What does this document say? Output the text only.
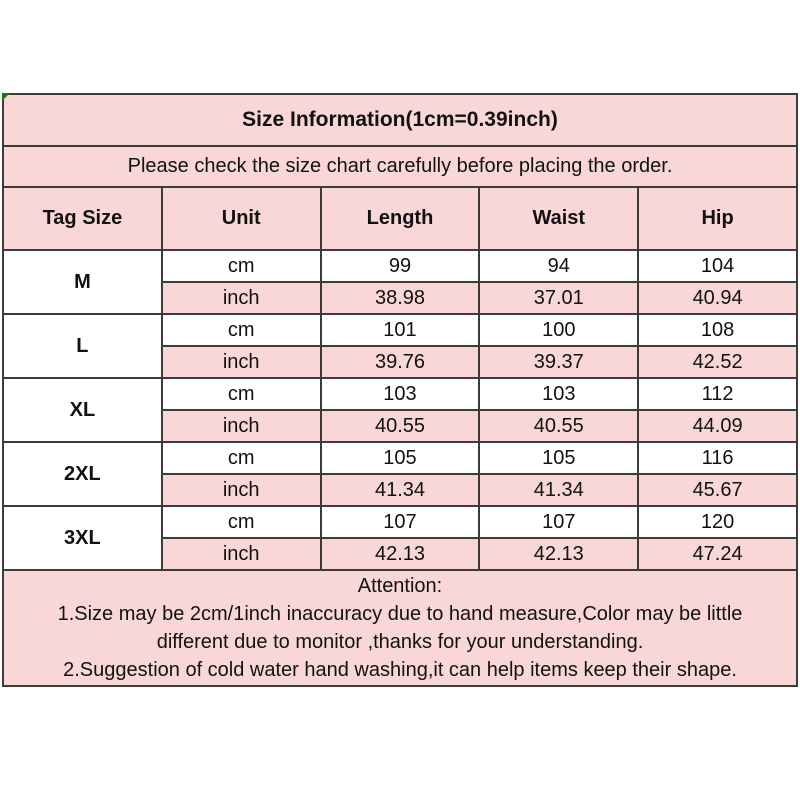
Size Information(1cm=0.39inch)				
Please check the size chart carefully before placing the order.				
Tag Size	Unit	Length	Waist	Hip
M	cm	99	94	104
	inch	38.98	37.01	40.94
L	cm	101	100	108
	inch	39.76	39.37	42.52
XL	cm	103	103	112
	inch	40.55	40.55	44.09
2XL	cm	105	105	116
	inch	41.34	41.34	45.67
3XL	cm	107	107	120
	inch	42.13	42.13	47.24

Attention:
1.Size may be 2cm/1inch inaccuracy due to hand measure,Color may be little
different due to monitor ,thanks for your understanding.
2.Suggestion of cold water hand washing,it can help items keep their shape.				
